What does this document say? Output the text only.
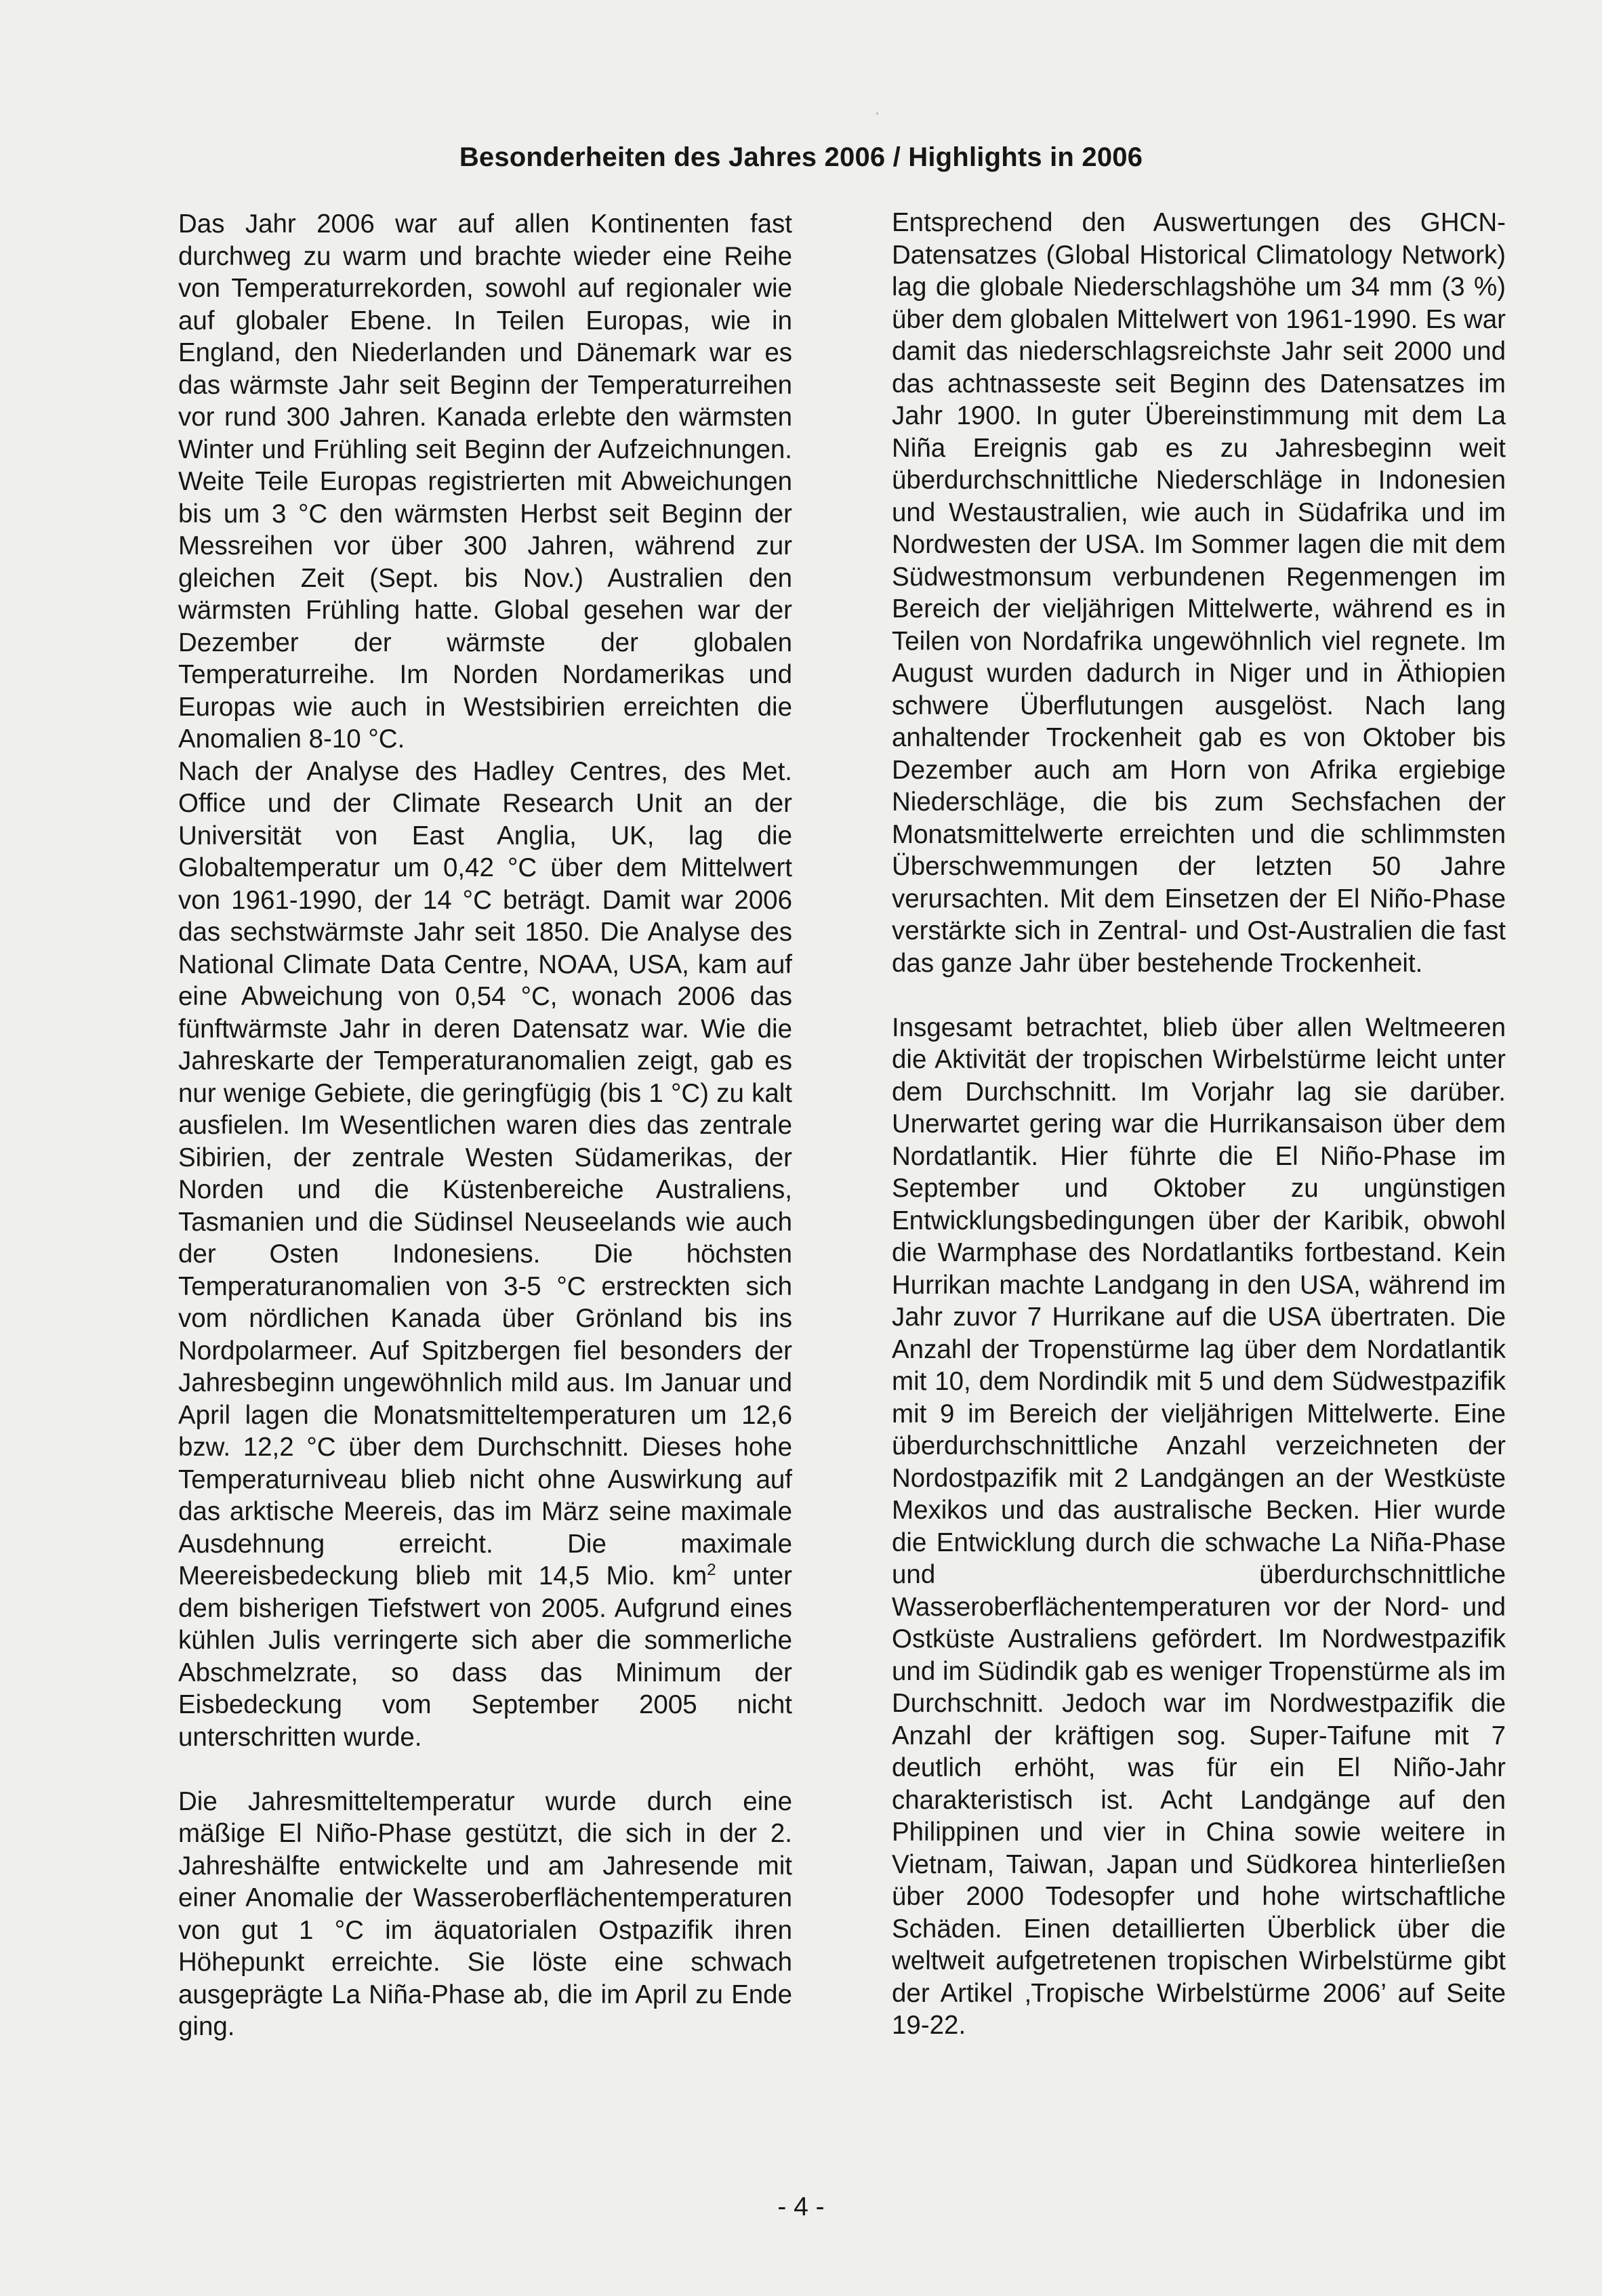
Besonderheiten des Jahres 2006 / Highlights in 2006

Das Jahr 2006 war auf allen Kontinenten fast durchweg zu warm und brachte wieder eine Reihe von Temperaturrekorden, sowohl auf regionaler wie auf globaler Ebene. In Teilen Europas, wie in England, den Niederlanden und Dänemark war es das wärmste Jahr seit Beginn der Temperaturreihen vor rund 300 Jahren. Kanada erlebte den wärmsten Winter und Frühling seit Beginn der Aufzeichnungen. Weite Teile Europas registrierten mit Abweichungen bis um 3 °C den wärmsten Herbst seit Beginn der Messreihen vor über 300 Jahren, während zur gleichen Zeit (Sept. bis Nov.) Australien den wärmsten Frühling hatte. Global gesehen war der Dezember der wärmste der globalen Temperaturreihe. Im Norden Nordamerikas und Europas wie auch in Westsibirien erreichten die Anomalien 8-10 °C.

Nach der Analyse des Hadley Centres, des Met. Office und der Climate Research Unit an der Universität von East Anglia, UK, lag die Globaltemperatur um 0,42 °C über dem Mittelwert von 1961-1990, der 14 °C beträgt. Damit war 2006 das sechstwärmste Jahr seit 1850. Die Analyse des National Climate Data Centre, NOAA, USA, kam auf eine Abweichung von 0,54 °C, wonach 2006 das fünftwärmste Jahr in deren Datensatz war. Wie die Jahreskarte der Temperaturanomalien zeigt, gab es nur wenige Gebiete, die geringfügig (bis 1 °C) zu kalt ausfielen. Im Wesentlichen waren dies das zentrale Sibirien, der zentrale Westen Südamerikas, der Norden und die Küstenbereiche Australiens, Tasmanien und die Südinsel Neuseelands wie auch der Osten Indonesiens. Die höchsten Temperaturanomalien von 3-5 °C erstreckten sich vom nördlichen Kanada über Grönland bis ins Nordpolarmeer. Auf Spitzbergen fiel besonders der Jahresbeginn ungewöhnlich mild aus. Im Januar und April lagen die Monatsmitteltemperaturen um 12,6 bzw. 12,2 °C über dem Durchschnitt. Dieses hohe Temperaturniveau blieb nicht ohne Auswirkung auf das arktische Meereis, das im März seine maximale Ausdehnung erreicht. Die maximale Meereisbedeckung blieb mit 14,5 Mio. $km^2$ unter dem bisherigen Tiefstwert von 2005. Aufgrund eines kühlen Julis verringerte sich aber die sommerliche Abschmelzrate, so dass das Minimum der Eisbedeckung vom September 2005 nicht unterschritten wurde.

Die Jahresmitteltemperatur wurde durch eine mäßige El Niño-Phase gestützt, die sich in der 2. Jahreshälfte entwickelte und am Jahresende mit einer Anomalie der Wasseroberflächentemperaturen von gut 1 °C im äquatorialen Ostpazifik ihren Höhepunkt erreichte. Sie löste eine schwach ausgeprägte La Niña-Phase ab, die im April zu Ende ging.

Entsprechend den Auswertungen des GHCN-Datensatzes (Global Historical Climatology Network) lag die globale Niederschlagshöhe um 34 mm (3 %) über dem globalen Mittelwert von 1961-1990. Es war damit das niederschlagsreichste Jahr seit 2000 und das achtnasseste seit Beginn des Datensatzes im Jahr 1900. In guter Übereinstimmung mit dem La Niña Ereignis gab es zu Jahresbeginn weit überdurchschnittliche Niederschläge in Indonesien und Westaustralien, wie auch in Südafrika und im Nordwesten der USA. Im Sommer lagen die mit dem Südwestmonsum verbundenen Regenmengen im Bereich der vieljährigen Mittelwerte, während es in Teilen von Nordafrika ungewöhnlich viel regnete. Im August wurden dadurch in Niger und in Äthiopien schwere Überflutungen ausgelöst. Nach lang anhaltender Trockenheit gab es von Oktober bis Dezember auch am Horn von Afrika ergiebige Niederschläge, die bis zum Sechsfachen der Monatsmittelwerte erreichten und die schlimmsten Überschwemmungen der letzten 50 Jahre verursachten. Mit dem Einsetzen der El Niño-Phase verstärkte sich in Zentral- und Ost-Australien die fast das ganze Jahr über bestehende Trockenheit.

Insgesamt betrachtet, blieb über allen Weltmeeren die Aktivität der tropischen Wirbelstürme leicht unter dem Durchschnitt. Im Vorjahr lag sie darüber. Unerwartet gering war die Hurrikansaison über dem Nordatlantik. Hier führte die El Niño-Phase im September und Oktober zu ungünstigen Entwicklungsbedingungen über der Karibik, obwohl die Warmphase des Nordatlantiks fortbestand. Kein Hurrikan machte Landgang in den USA, während im Jahr zuvor 7 Hurrikane auf die USA übertraten. Die Anzahl der Tropenstürme lag über dem Nordatlantik mit 10, dem Nordindik mit 5 und dem Südwestpazifik mit 9 im Bereich der vieljährigen Mittelwerte. Eine überdurchschnittliche Anzahl verzeichneten der Nordostpazifik mit 2 Landgängen an der Westküste Mexikos und das australische Becken. Hier wurde die Entwicklung durch die schwache La Niña-Phase und überdurchschnittliche Wasseroberflächentemperaturen vor der Nord- und Ostküste Australiens gefördert. Im Nordwestpazifik und im Südindik gab es weniger Tropenstürme als im Durchschnitt. Jedoch war im Nordwestpazifik die Anzahl der kräftigen sog. Super-Taifune mit 7 deutlich erhöht, was für ein El Niño-Jahr charakteristisch ist. Acht Landgänge auf den Philippinen und vier in China sowie weitere in Vietnam, Taiwan, Japan und Südkorea hinterließen über 2000 Todesopfer und hohe wirtschaftliche Schäden. Einen detaillierten Überblick über die weltweit aufgetretenen tropischen Wirbelstürme gibt der Artikel ‚Tropische Wirbelstürme 2006’ auf Seite 19-22.

- 4 -
